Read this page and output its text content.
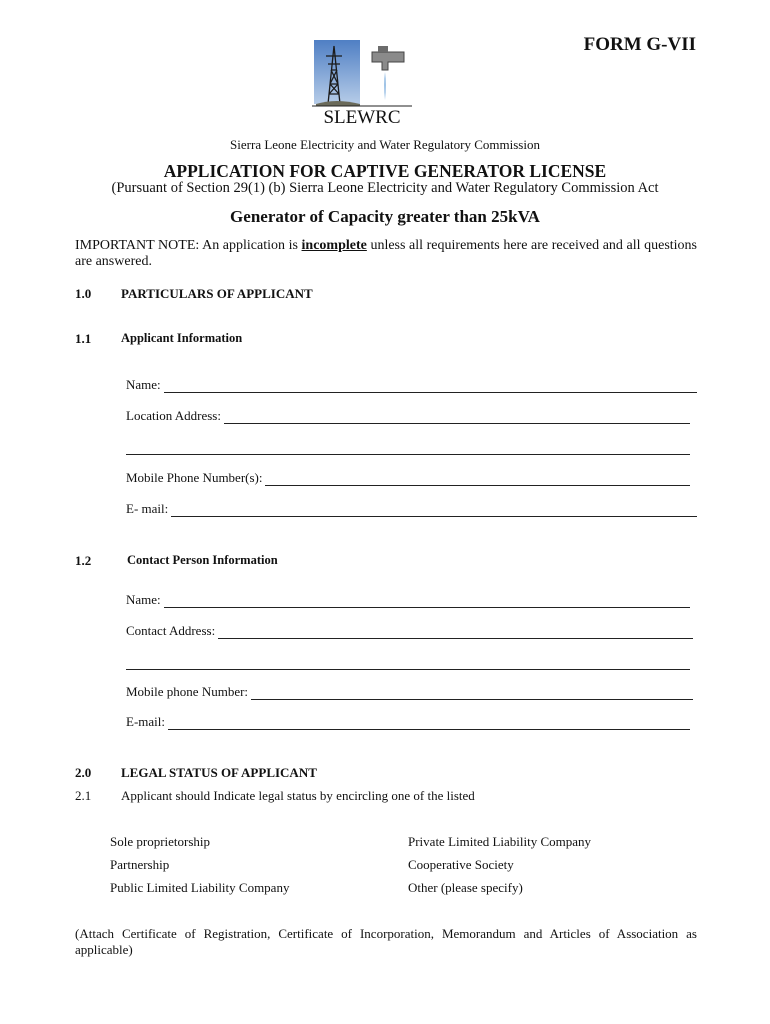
FORM G-VII
SLEWRC
Sierra Leone Electricity and Water Regulatory Commission
APPLICATION FOR CAPTIVE GENERATOR LICENSE
(Pursuant of Section 29(1) (b) Sierra Leone Electricity and Water Regulatory Commission Act
Generator of Capacity greater than 25kVA
IMPORTANT NOTE: An application is incomplete unless all requirements here are received and all questions are answered.
1.0 PARTICULARS OF APPLICANT
1.1 Applicant Information
Name:
Location Address:
Mobile Phone Number(s):
E- mail:
1.2	Contact Person Information
Name:
Contact Address:
Mobile phone Number:
E-mail:
2.0 LEGAL STATUS OF APPLICANT
2.1 Applicant should Indicate legal status by encircling one of the listed
Sole proprietorship
Partnership
Public Limited Liability Company
Private Limited Liability Company
Cooperative Society
Other (please specify)
(Attach Certificate of Registration, Certificate of Incorporation, Memorandum and Articles of Association as applicable)
